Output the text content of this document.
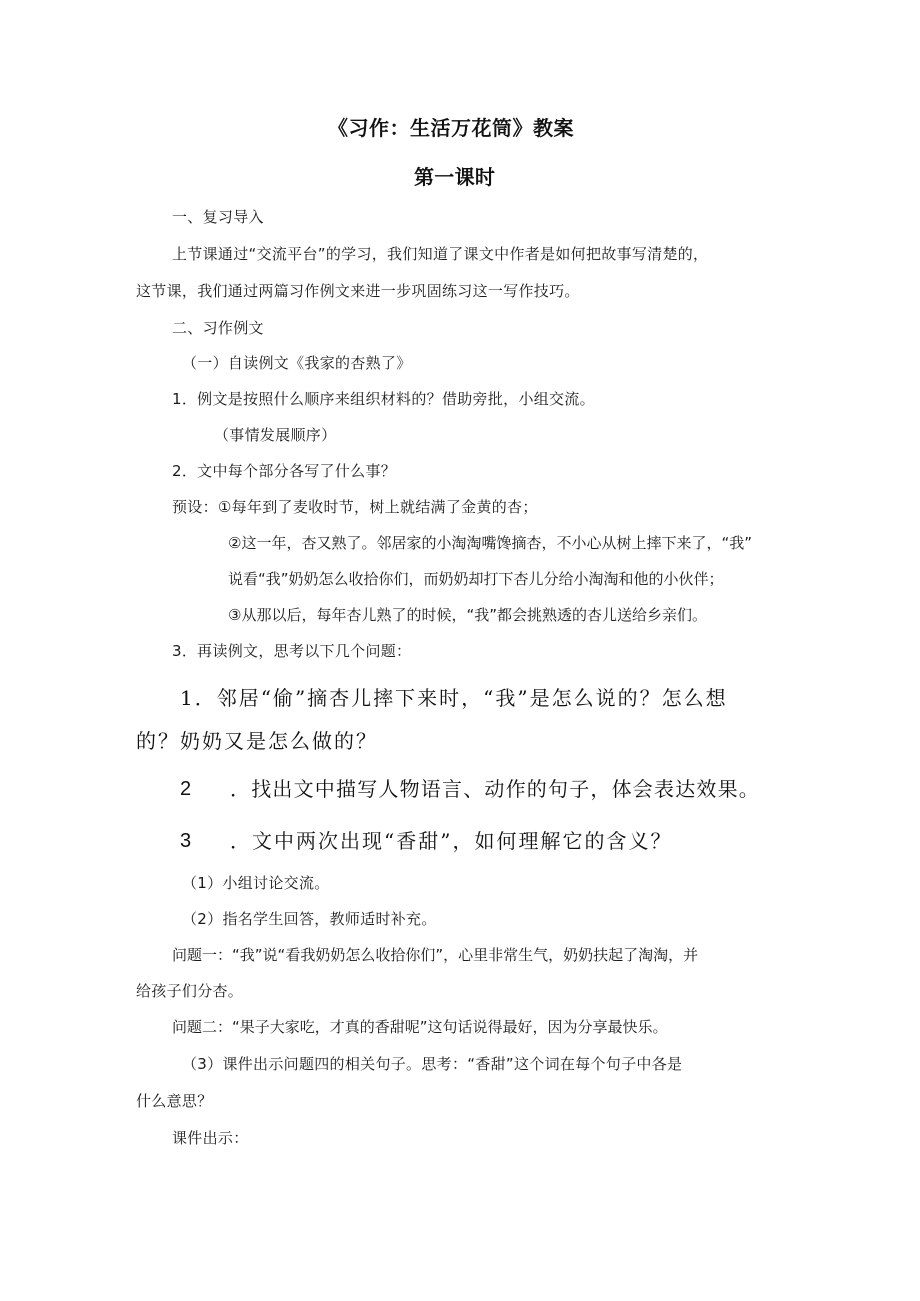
《习作：生活万花筒》教案
第一课时

一、复习导入

上节课通过“交流平台”的学习，我们知道了课文中作者是如何把故事写清楚的，

这节课，我们通过两篇习作例文来进一步巩固练习这一写作技巧。

二、习作例文

（一）自读例文《我家的杏熟了》

1．例文是按照什么顺序来组织材料的？借助旁批，小组交流。

（事情发展顺序）

2．文中每个部分各写了什么事？

预设：①每年到了麦收时节，树上就结满了金黄的杏；

②这一年，杏又熟了。邻居家的小淘淘嘴馋摘杏，不小心从树上摔下来了，“我”

说看“我”奶奶怎么收拾你们，而奶奶却打下杏儿分给小淘淘和他的小伙伴；

③从那以后，每年杏儿熟了的时候，“我”都会挑熟透的杏儿送给乡亲们。

3．再读例文，思考以下几个问题：

1．邻居“偷”摘杏儿摔下来时，“我”是怎么说的？怎么想

的？奶奶又是怎么做的？

2 ．找出文中描写人物语言、动作的句子，体会表达效果。

3 ．文中两次出现“香甜”，如何理解它的含义？

（1）小组讨论交流。

（2）指名学生回答，教师适时补充。

问题一：“我”说“看我奶奶怎么收拾你们”，心里非常生气，奶奶扶起了淘淘，并

给孩子们分杏。

问题二：“果子大家吃，才真的香甜呢”这句话说得最好，因为分享最快乐。

（3）课件出示问题四的相关句子。思考：“香甜”这个词在每个句子中各是

什么意思？

课件出示：
